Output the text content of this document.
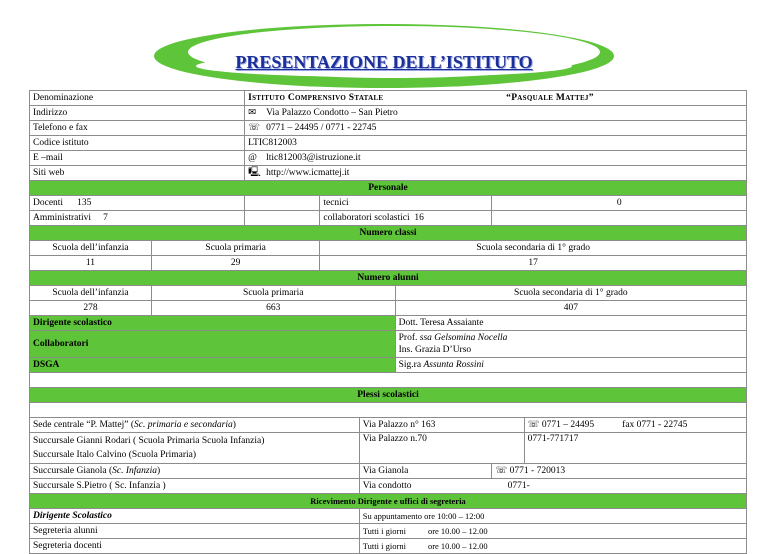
PRESENTAZIONE DELL’ISTITUTO
Denominazione		Istituto Comprensivo Statale “Pasquale Mattej”					
Indirizzo		✉ Via Palazzo Condotto – San Pietro					
Telefono e fax		☏ 0771 – 24495 / 0771 - 22745					
Codice istituto		LTIC812003					
E –mail		@ ltic812003@istruzione.it					
Siti web		🖳 http://www.icmattej.it					
Personale							
Docenti 135			tecnici			0	
Amministrativi 7			collaboratori scolastici 16				
Numero classi							
Scuola dell’infanzia	Scuola primaria		Scuola secondaria di 1° grado				
11	29		17				
Numero alunni							
Scuola dell’infanzia	Scuola primaria				Scuola secondaria di 1° grado		
278	663				407		
Dirigente scolastico					Dott. Teresa Assaiante		
Collaboratori					Prof. ssa Gelsomina Nocella
Ins. Grazia D’Urso		
DSGA					Sig.ra Assunta Rossini		

Plessi scolastici							

Sede centrale “P. Mattej” (Sc. primaria e secondaria)				Via Palazzo n° 163			☏ 0771 – 24495 fax 0771 - 22745
Succursale Gianni Rodari ( Scuola Primaria Scuola Infanzia)
Succursale Italo Calvino (Scuola Primaria)				Via Palazzo n.70			0771-771717
Succursale Gianola (Sc. Infanzia)				Via Gianola		☏ 0771 - 720013	
Succursale S.Pietro ( Sc. Infanzia )				Via condotto 0771-			
Ricevimento Dirigente e uffici di segreteria							
Dirigente Scolastico				Su appuntamento ore 10:00 – 12:00			
Segreteria alunni				Tutti i giorni ore 10.00 – 12.00			
Segreteria docenti				Tutti i giorni ore 10.00 – 12.00			
